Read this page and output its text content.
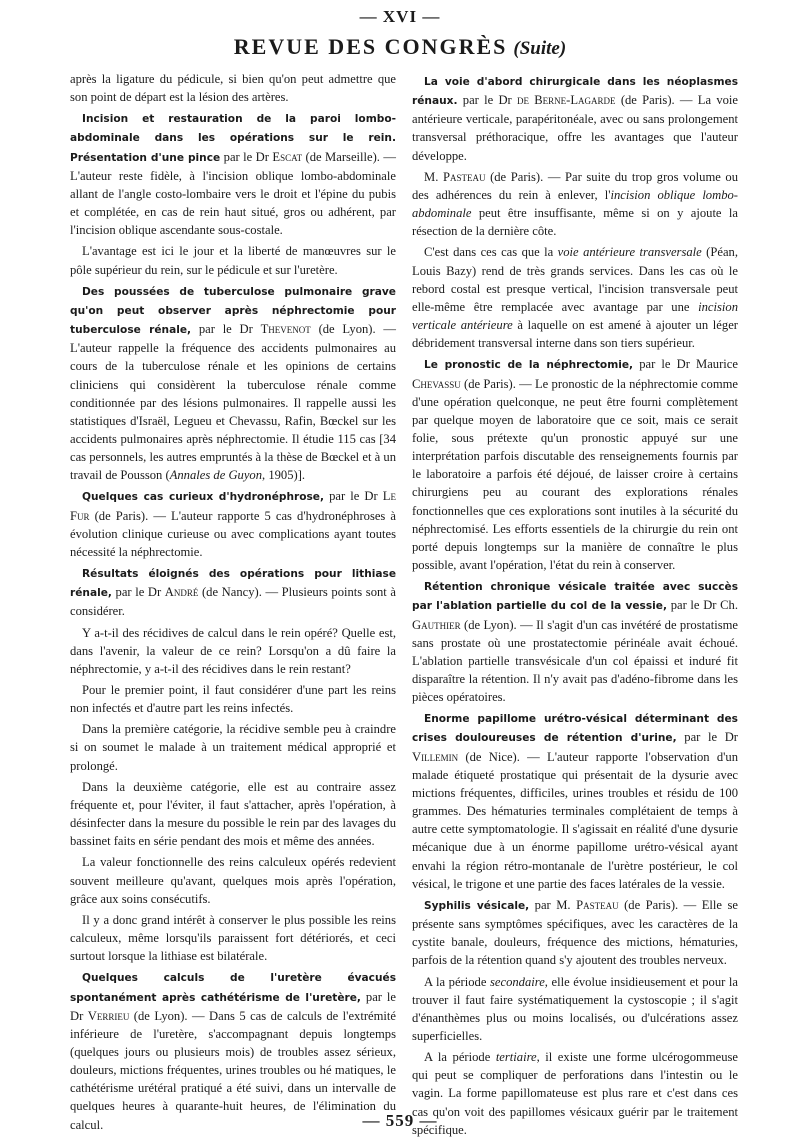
— XVI —
REVUE DES CONGRÈS (Suite)

après la ligature du pédicule, si bien qu'on peut admettre que son point de départ est la lésion des artères.

Incision et restauration de la paroi lombo-abdominale dans les opérations sur le rein. Présentation d'une pince par le Dr Escat (de Marseille). — L'auteur reste fidèle, à l'incision oblique lombo-abdominale allant de l'angle costo-lombaire vers le droit et l'épine du pubis et complétée, en cas de rein haut situé, gros ou adhérent, par l'incision oblique ascendante sous-costale.

L'avantage est ici le jour et la liberté de manœuvres sur le pôle supérieur du rein, sur le pédicule et sur l'uretère.

Des poussées de tuberculose pulmonaire grave qu'on peut observer après néphrectomie pour tuberculose rénale, par le Dr Thevenot (de Lyon). — L'auteur rappelle la fréquence des accidents pulmonaires au cours de la tuberculose rénale et les opinions de certains cliniciens qui considèrent la tuberculose rénale comme conditionnée par des lésions pulmonaires. Il rappelle aussi les statistiques d'Israël, Legueu et Chevassu, Rafin, Bœckel sur les accidents pulmonaires après néphrectomie. Il étudie 115 cas [34 cas personnels, les autres empruntés à la thèse de Bœckel et à un travail de Pousson (Annales de Guyon, 1905)].

Quelques cas curieux d'hydronéphrose, par le Dr Le Fur (de Paris). — L'auteur rapporte 5 cas d'hydronéphroses à évolution clinique curieuse ou avec complications ayant toutes nécessité la néphrectomie.

Résultats éloignés des opérations pour lithiase rénale, par le Dr André (de Nancy). — Plusieurs points sont à considérer.

Y a-t-il des récidives de calcul dans le rein opéré? Quelle est, dans l'avenir, la valeur de ce rein? Lorsqu'on a dû faire la néphrectomie, y a-t-il des récidives dans le rein restant?

Pour le premier point, il faut considérer d'une part les reins non infectés et d'autre part les reins infectés.

Dans la première catégorie, la récidive semble peu à craindre si on soumet le malade à un traitement médical approprié et prolongé.

Dans la deuxième catégorie, elle est au contraire assez fréquente et, pour l'éviter, il faut s'attacher, après l'opération, à désinfecter dans la mesure du possible le rein par des lavages du bassinet faits en série pendant des mois et même des années.

La valeur fonctionnelle des reins calculeux opérés redevient souvent meilleure qu'avant, quelques mois après l'opération, grâce aux soins consécutifs.

Il y a donc grand intérêt à conserver le plus possible les reins calculeux, même lorsqu'ils paraissent fort détériorés, et ceci surtout lorsque la lithiase est bilatérale.

Quelques calculs de l'uretère évacués spontanément après cathétérisme de l'uretère, par le Dr Verrieu (de Lyon). — Dans 5 cas de calculs de l'extrémité inférieure de l'uretère, s'accompagnant depuis longtemps (quelques jours ou plusieurs mois) de troubles assez sérieux, douleurs, mictions fréquentes, urines troubles ou hé matiques, le cathétérisme urétéral pratiqué a été suivi, dans un intervalle de quelques heures à quarante-huit heures, de l'élimination du calcul.

La voie d'abord chirurgicale dans les néoplasmes rénaux. par le Dr de Berne-Lagarde (de Paris). — La voie antérieure verticale, parapéritonéale, avec ou sans prolongement transversal préthoracique, offre les avantages que l'auteur développe.

M. Pasteau (de Paris). — Par suite du trop gros volume ou des adhérences du rein à enlever, l'incision oblique lombo-abdominale peut être insuffisante, même si on y ajoute la résection de la dernière côte.

C'est dans ces cas que la voie antérieure transversale (Péan, Louis Bazy) rend de très grands services. Dans les cas où le rebord costal est presque vertical, l'incision transversale peut elle-même être remplacée avec avantage par une incision verticale antérieure à laquelle on est amené à ajouter un léger débridement transversal interne dans son tiers supérieur.

Le pronostic de la néphrectomie, par le Dr Maurice Chevassu (de Paris). — Le pronostic de la néphrectomie comme d'une opération quelconque, ne peut être fourni complètement par quelque moyen de laboratoire que ce soit, mais ce serait folie, sous prétexte qu'un pronostic appuyé sur une interprétation parfois discutable des renseignements fournis par le laboratoire a parfois été déjoué, de laisser croire à certains chirurgiens peu au courant des explorations rénales fonctionnelles que ces explorations sont inutiles à la sécurité du néphrectomisé. Les efforts essentiels de la chirurgie du rein ont porté depuis longtemps sur la manière de connaître le plus possible, avant l'opération, l'état du rein à conserver.

Rétention chronique vésicale traitée avec succès par l'ablation partielle du col de la vessie, par le Dr Ch. Gauthier (de Lyon). — Il s'agit d'un cas invétéré de prostatisme sans prostate où une prostatectomie périnéale avait échoué. L'ablation partielle transvésicale d'un col épaissi et induré fit disparaître la rétention. Il n'y avait pas d'adéno-fibrome dans les pièces opératoires.

Enorme papillome urétro-vésical déterminant des crises douloureuses de rétention d'urine, par le Dr Villemin (de Nice). — L'auteur rapporte l'observation d'un malade étiqueté prostatique qui présentait de la dysurie avec mictions fréquentes, difficiles, urines troubles et résidu de 100 grammes. Des hématuries terminales complétaient de temps à autre cette symptomatologie. Il s'agissait en réalité d'une dysurie mécanique due à un énorme papillome urétro-vésical ayant envahi la région rétro-montanale de l'urètre postérieur, le col vésical, le trigone et une partie des faces latérales de la vessie.

Syphilis vésicale, par M. Pasteau (de Paris). — Elle se présente sans symptômes spécifiques, avec les caractères de la cystite banale, douleurs, fréquence des mictions, hématuries, parfois de la rétention quand s'y ajoutent des troubles nerveux.

A la période secondaire, elle évolue insidieusement et pour la trouver il faut faire systématiquement la cystoscopie ; il s'agit d'énanthèmes plus ou moins localisés, ou d'ulcérations assez superficielles.

A la période tertiaire, il existe une forme ulcérogommeuse qui peut se compliquer de perforations dans l'intestin ou le vagin. La forme papillomateuse est plus rare et c'est dans ces cas qu'on voit des papillomes vésicaux guérir par le traitement spécifique.

— 559 —
